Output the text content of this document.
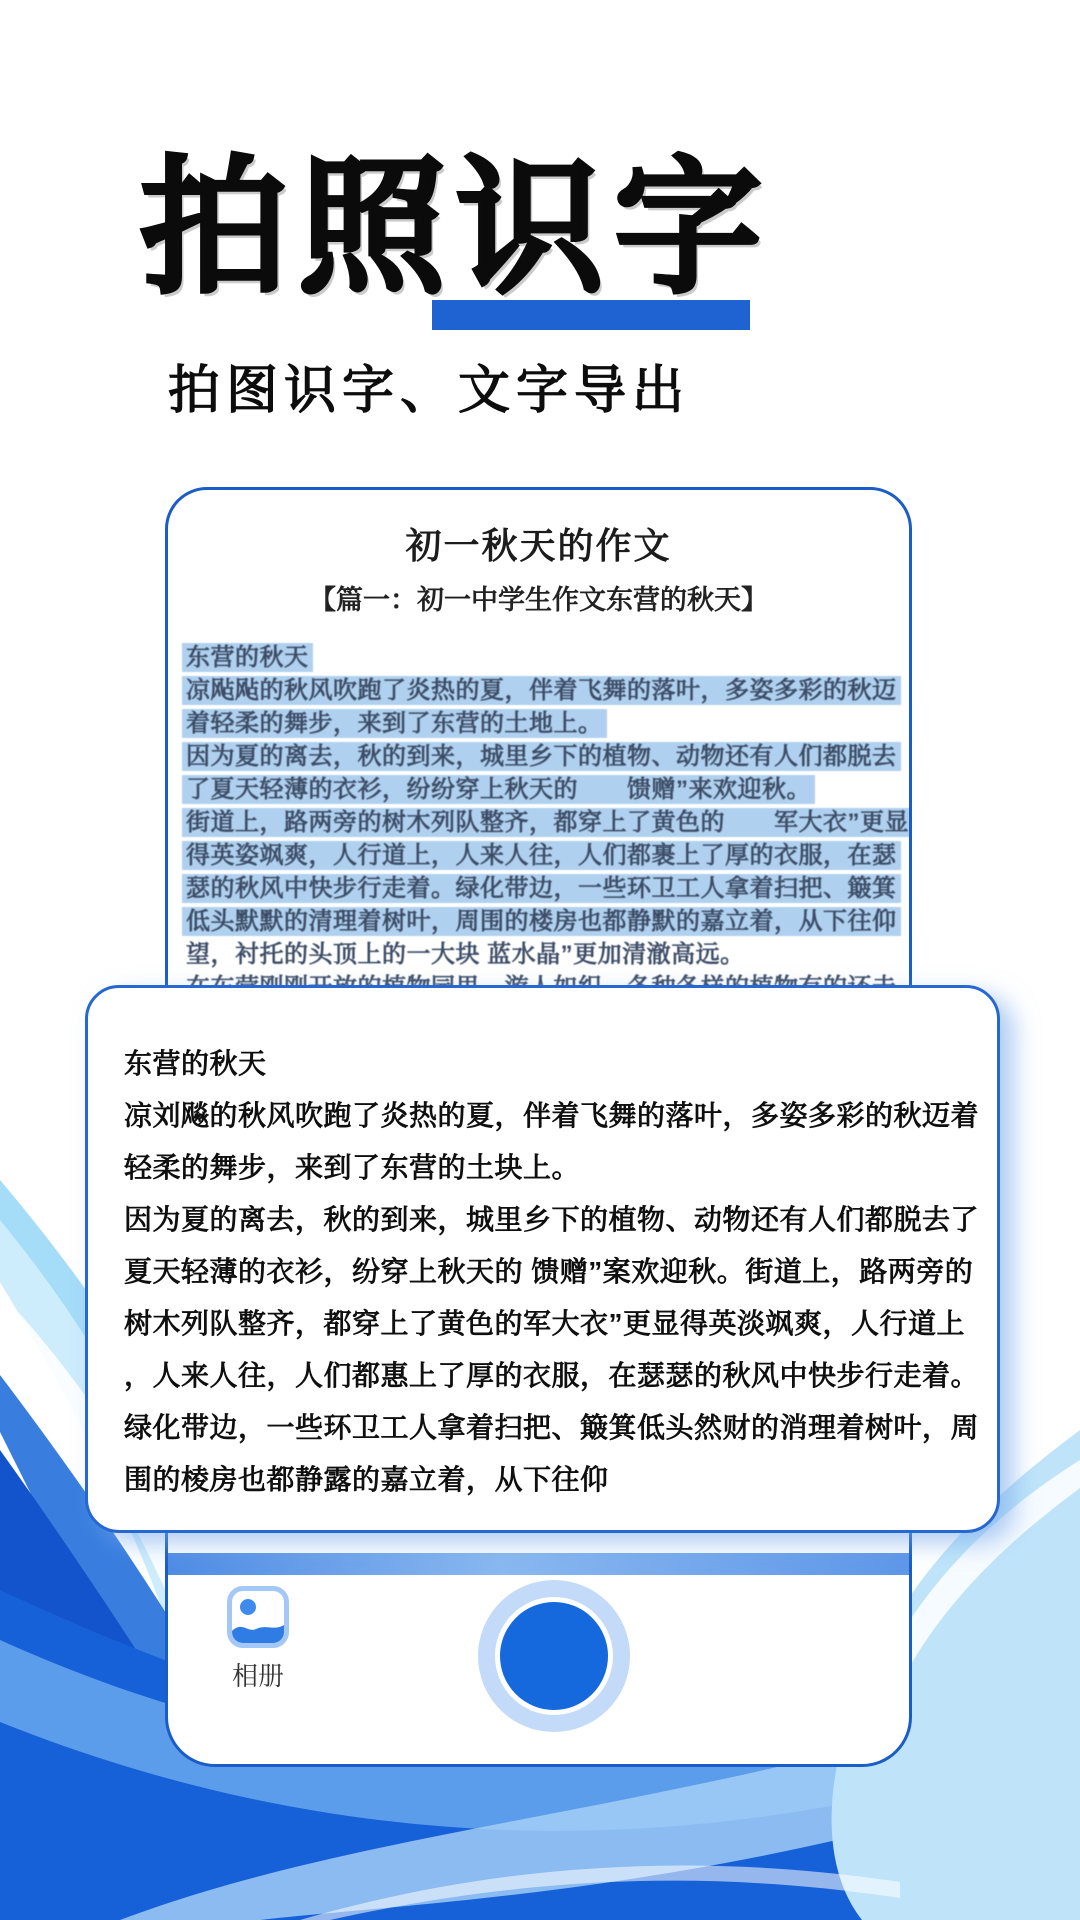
拍照识字
拍图识字、文字导出
初一秋天的作文
【篇一：初一中学生作文东营的秋天】
东营的秋天
凉飐飐的秋风吹跑了炎热的夏，伴着飞舞的落叶，多姿多彩的秋迈
着轻柔的舞步，来到了东营的土地上。
因为夏的离去，秋的到来，城里乡下的植物、动物还有人们都脱去
了夏天轻薄的衣衫，纷纷穿上秋天的　　馈赠”来欢迎秋。
街道上，路两旁的树木列队整齐，都穿上了黄色的　　军大衣”更显
得英姿飒爽，人行道上，人来人往，人们都裹上了厚的衣服，在瑟
瑟的秋风中快步行走着。绿化带边，一些环卫工人拿着扫把、簸箕
低头默默的清理着树叶，周围的楼房也都静默的嘉立着，从下往仰
望，衬托的头顶上的一大块 蓝水晶”更加清澈高远。
相册
东营的秋天
凉刘飚的秋风吹跑了炎热的夏，伴着飞舞的落叶，多姿多彩的秋迈着
轻柔的舞步，来到了东营的土块上。
因为夏的离去，秋的到来，城里乡下的植物、动物还有人们都脱去了
夏天轻薄的衣衫，纷穿上秋天的 馈赠”案欢迎秋。街道上，路两旁的
树木列队整齐，都穿上了黄色的军大衣”更显得英淡飒爽，人行道上
，人来人往，人们都惠上了厚的衣服，在瑟瑟的秋风中快步行走着。
绿化带边，一些环卫工人拿着扫把、簸箕低头然财的消理着树叶，周
围的棱房也都静露的嘉立着，从下往仰
